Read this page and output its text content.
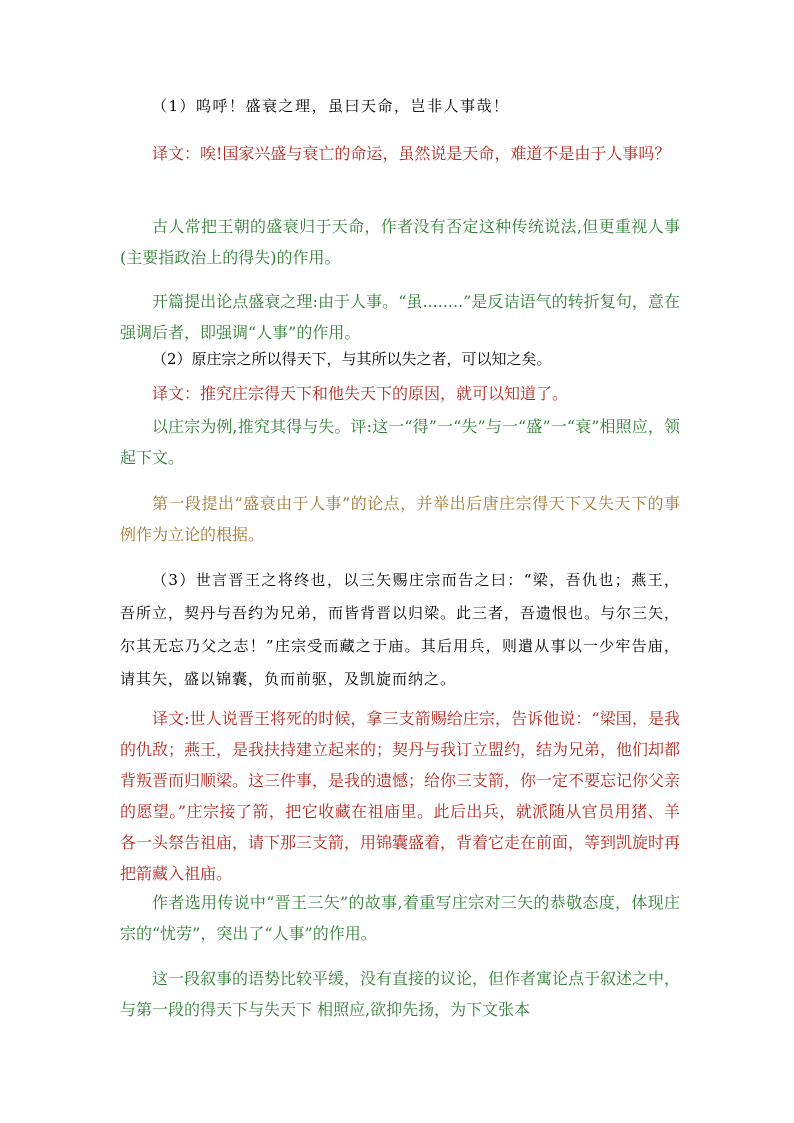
（1）呜呼！盛衰之理，虽曰天命，岂非人事哉！

译文：唉!国家兴盛与衰亡的命运，虽然说是天命，难道不是由于人事吗？

古人常把王朝的盛衰归于天命，作者没有否定这种传统说法,但更重视人事(主要指政治上的得失)的作用。

开篇提出论点盛衰之理:由于人事。“虽........”是反诘语气的转折复句，意在强调后者，即强调“人事”的作用。

（2）原庄宗之所以得天下，与其所以失之者，可以知之矣。

译文：推究庄宗得天下和他失天下的原因，就可以知道了。

以庄宗为例,推究其得与失。评:这一“得”一“失”与一“盛”一“衰”相照应，领起下文。

第一段提出“盛衰由于人事”的论点，并举出后唐庄宗得天下又失天下的事例作为立论的根据。

（3）世言晋王之将终也，以三矢赐庄宗而告之曰：“梁，吾仇也；燕王，吾所立，契丹与吾约为兄弟，而皆背晋以归梁。此三者，吾遗恨也。与尔三矢，尔其无忘乃父之志！”庄宗受而藏之于庙。其后用兵，则遣从事以一少牢告庙，请其矢，盛以锦囊，负而前驱，及凯旋而纳之。

译文:世人说晋王将死的时候，拿三支箭赐给庄宗，告诉他说：“梁国，是我的仇敌；燕王，是我扶持建立起来的；契丹与我订立盟约，结为兄弟，他们却都背叛晋而归顺梁。这三件事，是我的遗憾；给你三支箭，你一定不要忘记你父亲的愿望。”庄宗接了箭，把它收藏在祖庙里。此后出兵，就派随从官员用猪、羊各一头祭告祖庙，请下那三支箭，用锦囊盛着，背着它走在前面，等到凯旋时再把箭藏入祖庙。

作者选用传说中“晋王三矢”的故事,着重写庄宗对三矢的恭敬态度，体现庄宗的“忧劳”，突出了“人事”的作用。

这一段叙事的语势比较平缓，没有直接的议论，但作者寓论点于叙述之中，与第一段的得天下与失天下 相照应,欲抑先扬，为下文张本
